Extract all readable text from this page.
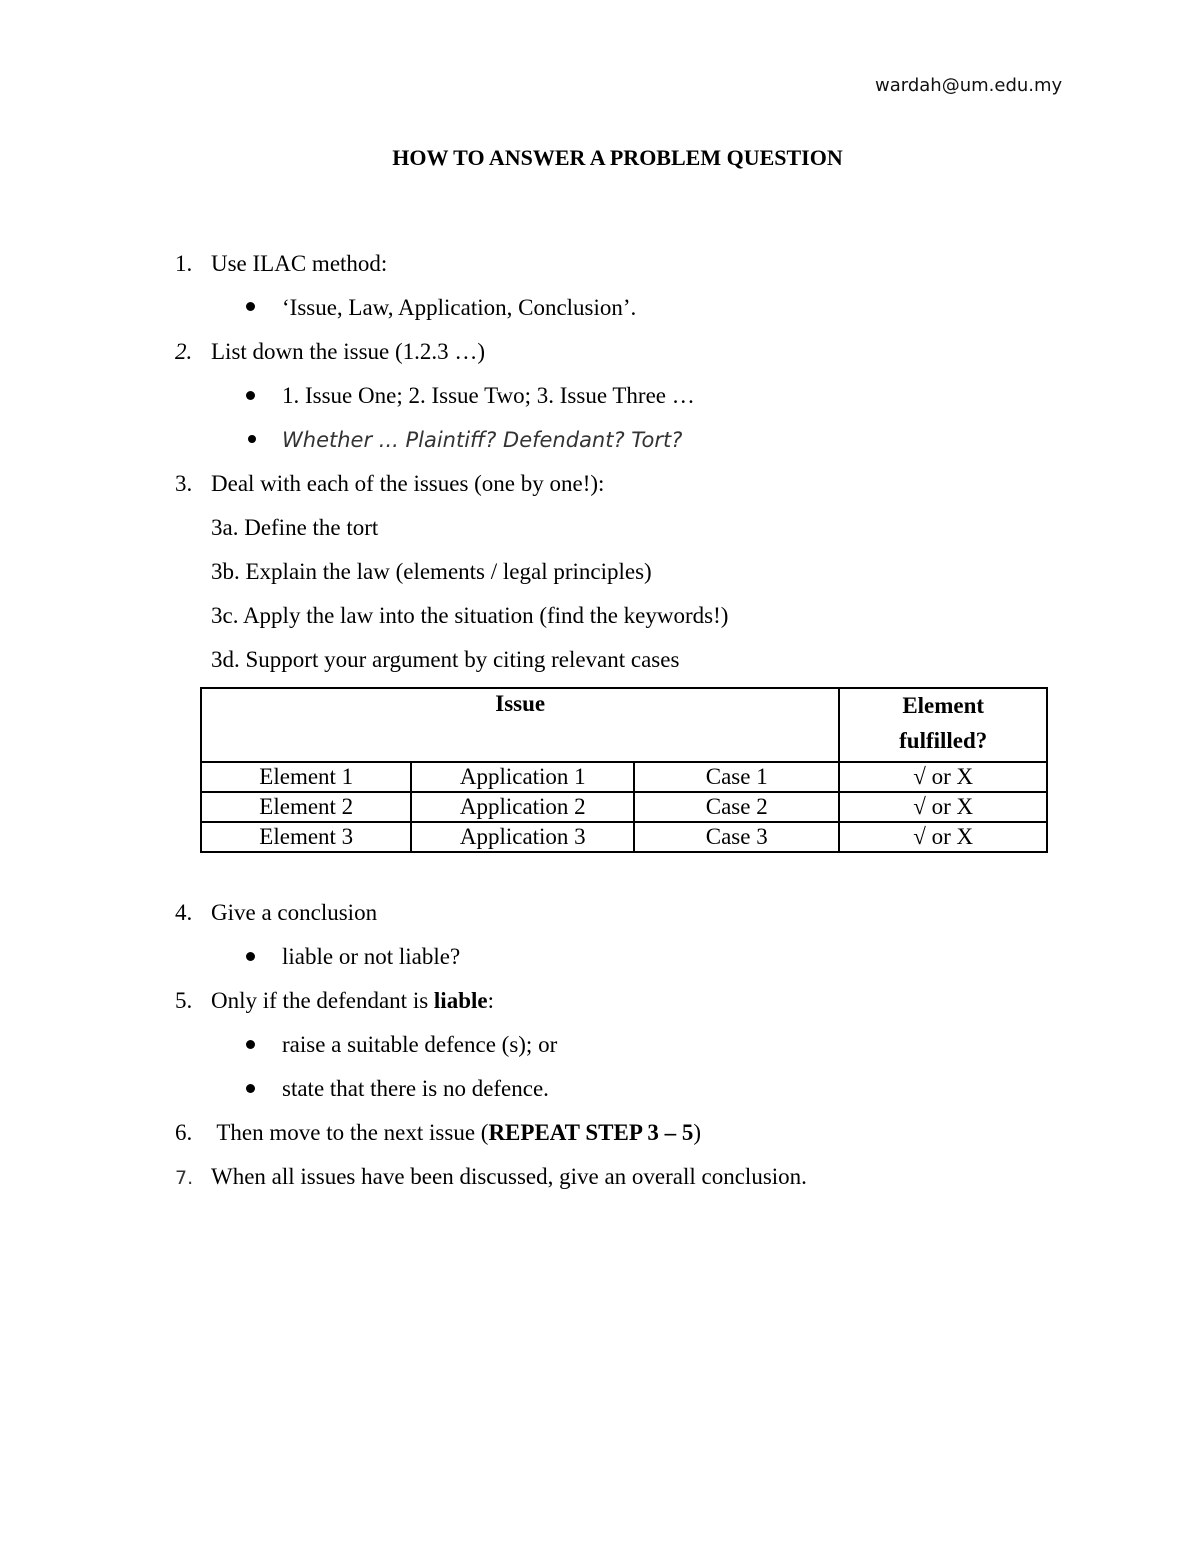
wardah@um.edu.my
HOW TO ANSWER A PROBLEM QUESTION
1. Use ILAC method:
‘Issue, Law, Application, Conclusion’.
2. List down the issue (1.2.3 …)
1. Issue One; 2. Issue Two; 3. Issue Three …
Whether ... Plaintiff? Defendant? Tort?
3. Deal with each of the issues (one by one!):
3a. Define the tort
3b. Explain the law (elements / legal principles)
3c. Apply the law into the situation (find the keywords!)
3d. Support your argument by citing relevant cases
Issue			Element
fulfilled?

Element 1	Application 1	Case 1	√ or X
Element 2	Application 2	Case 2	√ or X
Element 3	Application 3	Case 3	√ or X
4. Give a conclusion
liable or not liable?
5. Only if the defendant is liable:
raise a suitable defence (s); or
state that there is no defence.
6. Then move to the next issue (REPEAT STEP 3 – 5)
7. When all issues have been discussed, give an overall conclusion.
